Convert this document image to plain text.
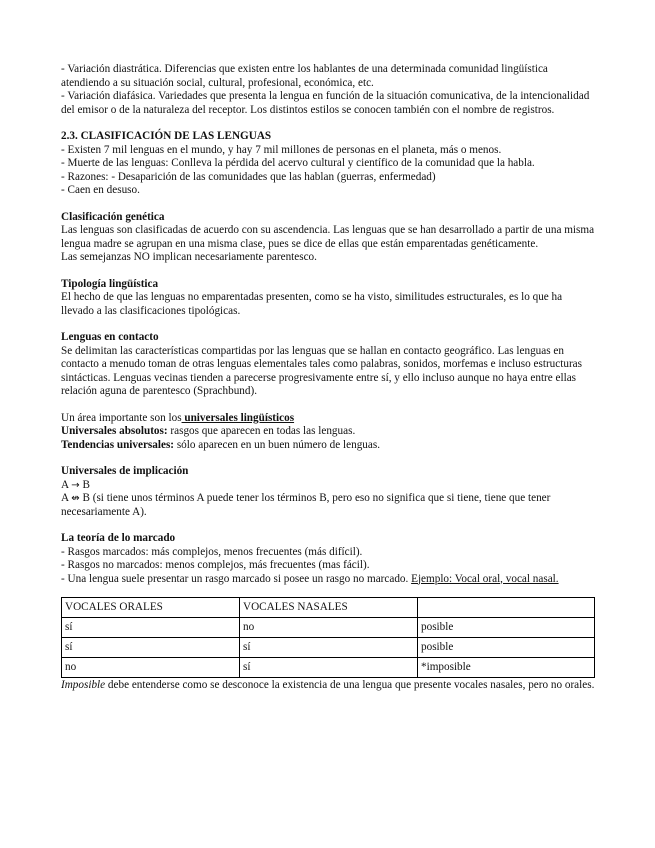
- Variación diastrática. Diferencias que existen entre los hablantes de una determinada comunidad lingüística atendiendo a su situación social, cultural, profesional, económica, etc.

- Variación diafásica. Variedades que presenta la lengua en función de la situación comunicativa, de la intencionalidad del emisor o de la naturaleza del receptor. Los distintos estilos se conocen también con el nombre de registros.

2.3. CLASIFICACIÓN DE LAS LENGUAS

- Existen 7 mil lenguas en el mundo, y hay 7 mil millones de personas en el planeta, más o menos.

- Muerte de las lenguas: Conlleva la pérdida del acervo cultural y científico de la comunidad que la habla.

- Razones: - Desaparición de las comunidades que las hablan (guerras, enfermedad)

- Caen en desuso.

Clasificación genética

Las lenguas son clasificadas de acuerdo con su ascendencia. Las lenguas que se han desarrollado a partir de una misma lengua madre se agrupan en una misma clase, pues se dice de ellas que están emparentadas genéticamente.

Las semejanzas NO implican necesariamente parentesco.

Tipología lingüística

El hecho de que las lenguas no emparentadas presenten, como se ha visto, similitudes estructurales, es lo que ha llevado a las clasificaciones tipológicas.

Lenguas en contacto

Se delimitan las características compartidas por las lenguas que se hallan en contacto geográfico. Las lenguas en contacto a menudo toman de otras lenguas elementales tales como palabras, sonidos, morfemas e incluso estructuras sintácticas. Lenguas vecinas tienden a parecerse progresivamente entre sí, y ello incluso aunque no haya entre ellas relación aguna de parentesco (Sprachbund).

Un área importante son los universales lingüísticos

Universales absolutos: rasgos que aparecen en todas las lenguas.

Tendencias universales: sólo aparecen en un buen número de lenguas.

Universales de implicación

A → B

A ↮ B (si tiene unos términos A puede tener los términos B, pero eso no significa que si tiene, tiene que tener necesariamente A).

La teoría de lo marcado

- Rasgos marcados: más complejos, menos frecuentes (más difícil).

- Rasgos no marcados: menos complejos, más frecuentes (mas fácil).

- Una lengua suele presentar un rasgo marcado si posee un rasgo no marcado. Ejemplo: Vocal oral, vocal nasal.

VOCALES ORALES	VOCALES NASALES	
sí	no	posible
sí	sí	posible
no	sí	*imposible

Imposible debe entenderse como se desconoce la existencia de una lengua que presente vocales nasales, pero no orales.
